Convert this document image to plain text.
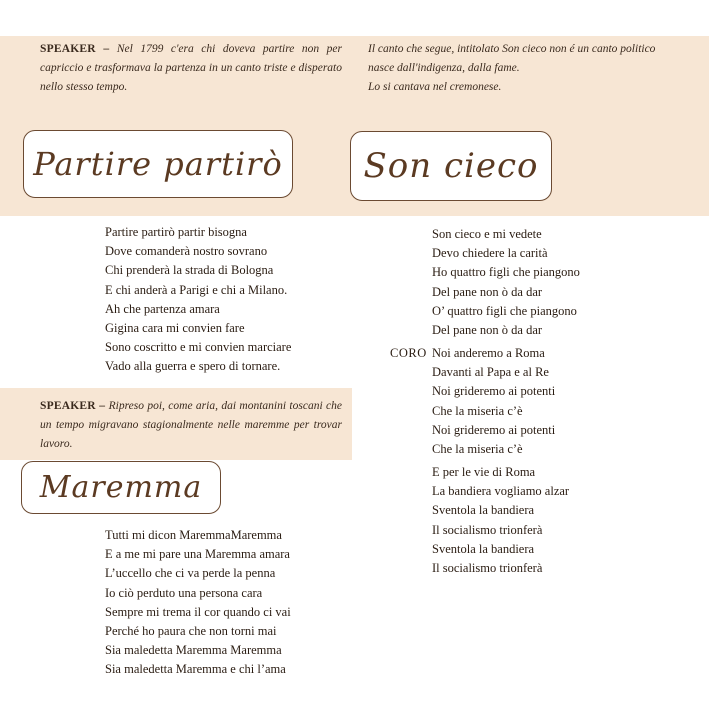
SPEAKER – Nel 1799 c'era chi doveva partire non per capriccio e trasformava la partenza in un canto triste e disperato nello stesso tempo.
Il canto che segue, intitolato Son cieco non é un canto politico
nasce dall'indigenza, dalla fame.
Lo si cantava nel cremonese.
Partire partirò Son cieco
Partire partirò partir bisogna
Dove comanderà nostro sovrano
Chi prenderà la strada di Bologna
E chi anderà a Parigi e chi a Milano.
Ah che partenza amara
Gigina cara mi convien fare
Sono coscritto e mi convien marciare
Vado alla guerra e spero di tornare.
Son cieco e mi vedete
Devo chiedere la carità
Ho quattro figli che piangono
Del pane non ò da dar
O’ quattro figli che piangono
Del pane non ò da dar
CORO Noi anderemo a Roma
Davanti al Papa e al Re
Noi grideremo ai potenti
Che la miseria c’è
Noi grideremo ai potenti
Che la miseria c’è
E per le vie di Roma
La bandiera vogliamo alzar
Sventola la bandiera
Il socialismo trionferà
Sventola la bandiera
Il socialismo trionferà
SPEAKER – Ripreso poi, come aria, dai montanini toscani che un tempo migravano stagionalmente nelle maremme per trovar lavoro.
Maremma
Tutti mi dicon MaremmaMaremma
E a me mi pare una Maremma amara
L’uccello che ci va perde la penna
Io ciò perduto una persona cara
Sempre mi trema il cor quando ci vai
Perché ho paura che non torni mai
Sia maledetta Maremma Maremma
Sia maledetta Maremma e chi l’ama
